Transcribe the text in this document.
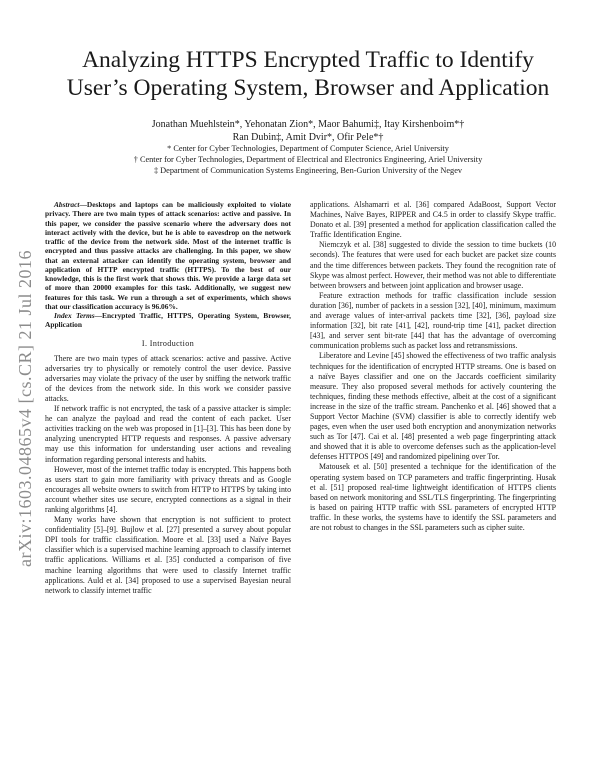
arXiv:1603.04865v4 [cs.CR] 21 Jul 2016
Analyzing HTTPS Encrypted Traffic to Identify
User’s Operating System, Browser and Application
Jonathan Muehlstein*, Yehonatan Zion*, Maor Bahumi‡, Itay Kirshenboim*†
Ran Dubin‡, Amit Dvir*, Ofir Pele*†
* Center for Cyber Technologies, Department of Computer Science, Ariel University
† Center for Cyber Technologies, Department of Electrical and Electronics Engineering, Ariel University
‡ Department of Communication Systems Engineering, Ben-Gurion University of the Negev

Abstract—Desktops and laptops can be maliciously exploited to violate privacy. There are two main types of attack scenarios: active and passive. In this paper, we consider the passive scenario where the adversary does not interact actively with the device, but he is able to eavesdrop on the network traffic of the device from the network side. Most of the internet traffic is encrypted and thus passive attacks are challenging. In this paper, we show that an external attacker can identify the operating system, browser and application of HTTP encrypted traffic (HTTPS). To the best of our knowledge, this is the first work that shows this. We provide a large data set of more than 20000 examples for this task. Additionally, we suggest new features for this task. We run a through a set of experiments, which shows that our classification accuracy is 96.06%.

Index Terms—Encrypted Traffic, HTTPS, Operating System, Browser, Application

I. Introduction

There are two main types of attack scenarios: active and passive. Active adversaries try to physically or remotely control the user device. Passive adversaries may violate the privacy of the user by sniffing the network traffic of the devices from the network side. In this work we consider passive attacks.

If network traffic is not encrypted, the task of a passive attacker is simple: he can analyze the payload and read the content of each packet. User activities tracking on the web was proposed in [1]–[3]. This has been done by analyzing unencrypted HTTP requests and responses. A passive adversary may use this information for understanding user actions and revealing information regarding personal interests and habits.

However, most of the internet traffic today is encrypted. This happens both as users start to gain more familiarity with privacy threats and as Google encourages all website owners to switch from HTTP to HTTPS by taking into account whether sites use secure, encrypted connections as a signal in their ranking algorithms [4].

Many works have shown that encryption is not sufficient to protect confidentiality [5]–[9]. Bujlow et al. [27] presented a survey about popular DPI tools for traffic classification. Moore et al. [33] used a Naïve Bayes classifier which is a supervised machine learning approach to classify internet traffic applications. Williams et al. [35] conducted a comparison of five machine learning algorithms that were used to classify Internet traffic applications. Auld et al. [34] proposed to use a supervised Bayesian neural network to classify internet traffic

applications. Alshamarri et al. [36] compared AdaBoost, Support Vector Machines, Naïve Bayes, RIPPER and C4.5 in order to classify Skype traffic. Donato et al. [39] presented a method for application classification called the Traffic Identification Engine.

Niemczyk et al. [38] suggested to divide the session to time buckets (10 seconds). The features that were used for each bucket are packet size counts and the time differences between packets. They found the recognition rate of Skype was almost perfect. However, their method was not able to differentiate between browsers and between joint application and browser usage.

Feature extraction methods for traffic classification include session duration [36], number of packets in a session [32], [40], minimum, maximum and average values of inter-arrival packets time [32], [36], payload size information [32], bit rate [41], [42], round-trip time [41], packet direction [43], and server sent bit-rate [44] that has the advantage of overcoming communication problems such as packet loss and retransmissions.

Liberatore and Levine [45] showed the effectiveness of two traffic analysis techniques for the identification of encrypted HTTP streams. One is based on a naïve Bayes classifier and one on the Jaccards coefficient similarity measure. They also proposed several methods for actively countering the techniques, finding these methods effective, albeit at the cost of a significant increase in the size of the traffic stream. Panchenko et al. [46] showed that a Support Vector Machine (SVM) classifier is able to correctly identify web pages, even when the user used both encryption and anonymization networks such as Tor [47]. Cai et al. [48] presented a web page fingerprinting attack and showed that it is able to overcome defenses such as the application-level defenses HTTPOS [49] and randomized pipelining over Tor.

Matousek et al. [50] presented a technique for the identification of the operating system based on TCP parameters and traffic fingerprinting. Husak et al. [51] proposed real-time lightweight identification of HTTPS clients based on network monitoring and SSL/TLS fingerprinting. The fingerprinting is based on pairing HTTP traffic with SSL parameters of encrypted HTTP traffic. In these works, the systems have to identify the SSL parameters and are not robust to changes in the SSL parameters such as cipher suite.
